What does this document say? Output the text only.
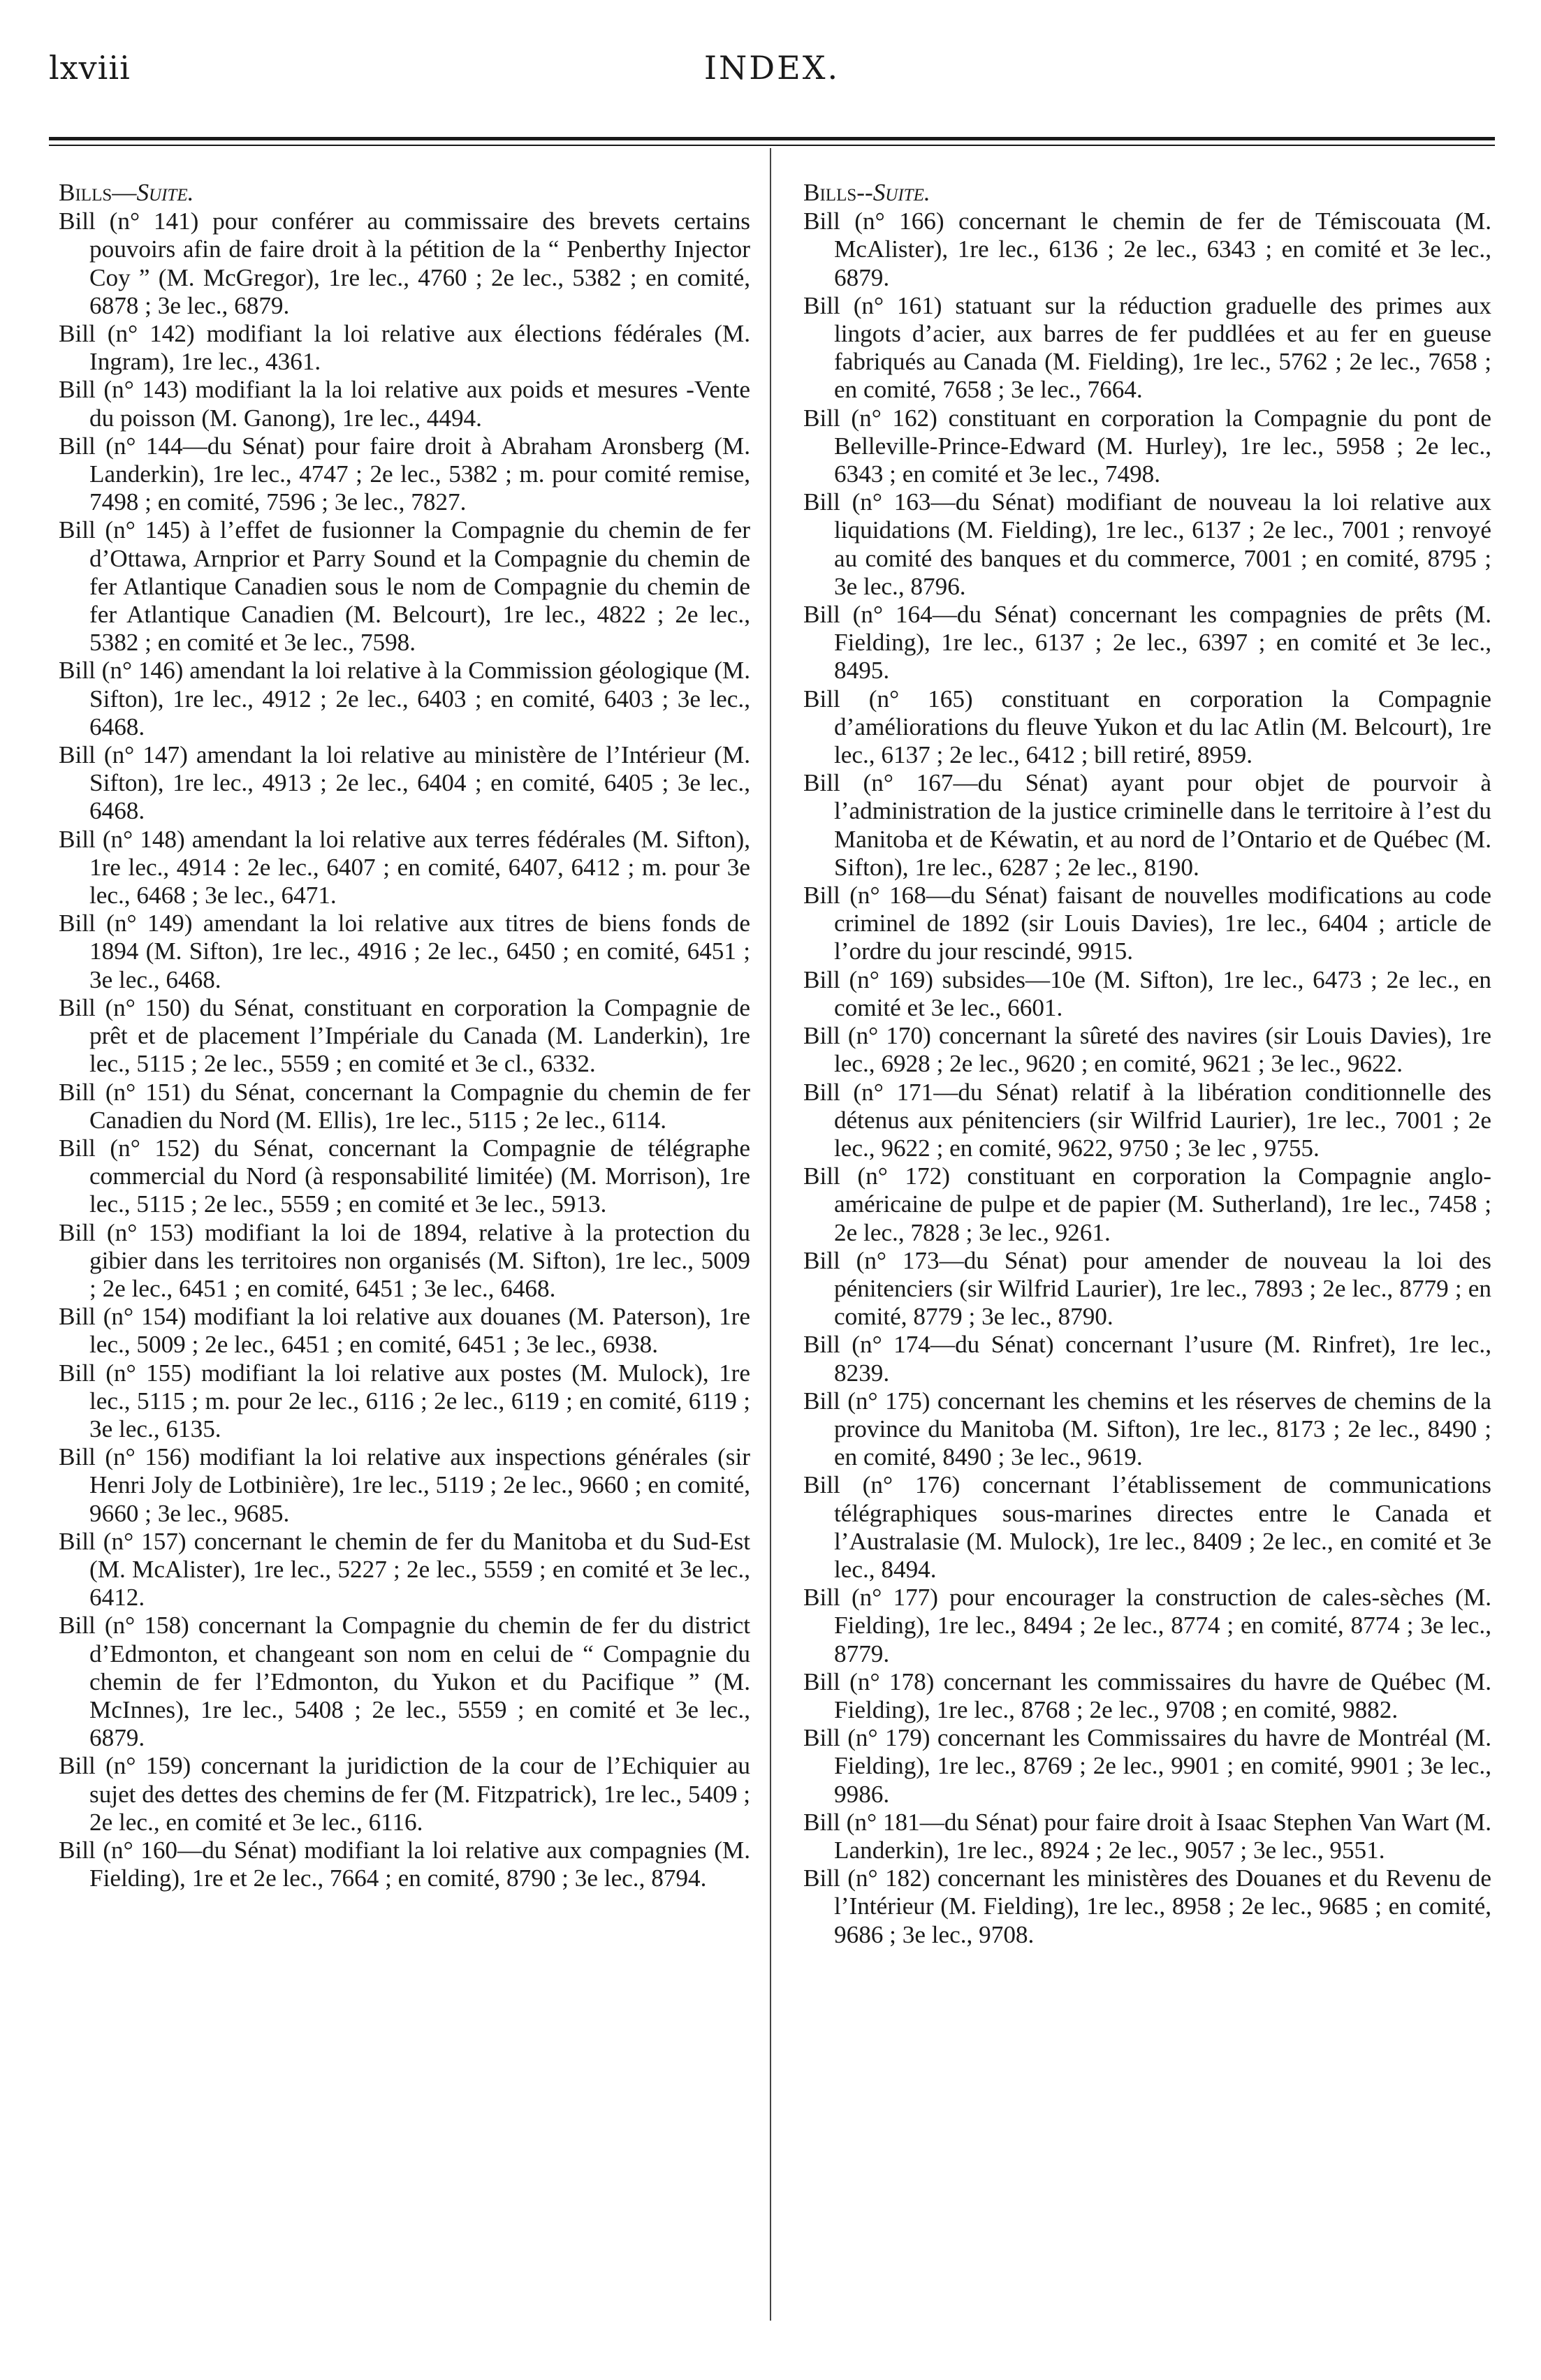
lxviii	INDEX.
Bills—Suite.

Bill (n° 141) pour conférer au commissaire des brevets certains pouvoirs afin de faire droit à la pétition de la “ Penberthy Injector Coy ” (M. McGregor), 1re lec., 4760 ; 2e lec., 5382 ; en comité, 6878 ; 3e lec., 6879.

Bill (n° 142) modifiant la loi relative aux élections fédérales (M. Ingram), 1re lec., 4361.

Bill (n° 143) modifiant la la loi relative aux poids et mesures -Vente du poisson (M. Ganong), 1re lec., 4494.

Bill (n° 144—du Sénat) pour faire droit à Abraham Aronsberg (M. Landerkin), 1re lec., 4747 ; 2e lec., 5382 ; m. pour comité remise, 7498 ; en comité, 7596 ; 3e lec., 7827.

Bill (n° 145) à l’effet de fusionner la Compagnie du chemin de fer d’Ottawa, Arnprior et Parry Sound et la Compagnie du chemin de fer Atlantique Canadien sous le nom de Compagnie du chemin de fer Atlantique Canadien (M. Belcourt), 1re lec., 4822 ; 2e lec., 5382 ; en comité et 3e lec., 7598.

Bill (n° 146) amendant la loi relative à la Commission géologique (M. Sifton), 1re lec., 4912 ; 2e lec., 6403 ; en comité, 6403 ; 3e lec., 6468.

Bill (n° 147) amendant la loi relative au ministère de l’Intérieur (M. Sifton), 1re lec., 4913 ; 2e lec., 6404 ; en comité, 6405 ; 3e lec., 6468.

Bill (n° 148) amendant la loi relative aux terres fédérales (M. Sifton), 1re lec., 4914 : 2e lec., 6407 ; en comité, 6407, 6412 ; m. pour 3e lec., 6468 ; 3e lec., 6471.

Bill (n° 149) amendant la loi relative aux titres de biens fonds de 1894 (M. Sifton), 1re lec., 4916 ; 2e lec., 6450 ; en comité, 6451 ; 3e lec., 6468.

Bill (n° 150) du Sénat, constituant en corporation la Compagnie de prêt et de placement l’Impériale du Canada (M. Landerkin), 1re lec., 5115 ; 2e lec., 5559 ; en comité et 3e cl., 6332.

Bill (n° 151) du Sénat, concernant la Compagnie du chemin de fer Canadien du Nord (M. Ellis), 1re lec., 5115 ; 2e lec., 6114.

Bill (n° 152) du Sénat, concernant la Compagnie de télégraphe commercial du Nord (à responsabilité limitée) (M. Morrison), 1re lec., 5115 ; 2e lec., 5559 ; en comité et 3e lec., 5913.

Bill (n° 153) modifiant la loi de 1894, relative à la protection du gibier dans les territoires non organisés (M. Sifton), 1re lec., 5009 ; 2e lec., 6451 ; en comité, 6451 ; 3e lec., 6468.

Bill (n° 154) modifiant la loi relative aux douanes (M. Paterson), 1re lec., 5009 ; 2e lec., 6451 ; en comité, 6451 ; 3e lec., 6938.

Bill (n° 155) modifiant la loi relative aux postes (M. Mulock), 1re lec., 5115 ; m. pour 2e lec., 6116 ; 2e lec., 6119 ; en comité, 6119 ; 3e lec., 6135.

Bill (n° 156) modifiant la loi relative aux inspections générales (sir Henri Joly de Lotbinière), 1re lec., 5119 ; 2e lec., 9660 ; en comité, 9660 ; 3e lec., 9685.

Bill (n° 157) concernant le chemin de fer du Manitoba et du Sud-Est (M. McAlister), 1re lec., 5227 ; 2e lec., 5559 ; en comité et 3e lec., 6412.

Bill (n° 158) concernant la Compagnie du chemin de fer du district d’Edmonton, et changeant son nom en celui de “ Compagnie du chemin de fer l’Edmonton, du Yukon et du Pacifique ” (M. McInnes), 1re lec., 5408 ; 2e lec., 5559 ; en comité et 3e lec., 6879.

Bill (n° 159) concernant la juridiction de la cour de l’Echiquier au sujet des dettes des chemins de fer (M. Fitzpatrick), 1re lec., 5409 ; 2e lec., en comité et 3e lec., 6116.

Bill (n° 160—du Sénat) modifiant la loi relative aux compagnies (M. Fielding), 1re et 2e lec., 7664 ; en comité, 8790 ; 3e lec., 8794.

Bills--Suite.

Bill (n° 166) concernant le chemin de fer de Témiscouata (M. McAlister), 1re lec., 6136 ; 2e lec., 6343 ; en comité et 3e lec., 6879.

Bill (n° 161) statuant sur la réduction graduelle des primes aux lingots d’acier, aux barres de fer puddlées et au fer en gueuse fabriqués au Canada (M. Fielding), 1re lec., 5762 ; 2e lec., 7658 ; en comité, 7658 ; 3e lec., 7664.

Bill (n° 162) constituant en corporation la Compagnie du pont de Belleville-Prince-Edward (M. Hurley), 1re lec., 5958 ; 2e lec., 6343 ; en comité et 3e lec., 7498.

Bill (n° 163—du Sénat) modifiant de nouveau la loi relative aux liquidations (M. Fielding), 1re lec., 6137 ; 2e lec., 7001 ; renvoyé au comité des banques et du commerce, 7001 ; en comité, 8795 ; 3e lec., 8796.

Bill (n° 164—du Sénat) concernant les compagnies de prêts (M. Fielding), 1re lec., 6137 ; 2e lec., 6397 ; en comité et 3e lec., 8495.

Bill (n° 165) constituant en corporation la Compagnie d’améliorations du fleuve Yukon et du lac Atlin (M. Belcourt), 1re lec., 6137 ; 2e lec., 6412 ; bill retiré, 8959.

Bill (n° 167—du Sénat) ayant pour objet de pourvoir à l’administration de la justice criminelle dans le territoire à l’est du Manitoba et de Kéwatin, et au nord de l’Ontario et de Québec (M. Sifton), 1re lec., 6287 ; 2e lec., 8190.

Bill (n° 168—du Sénat) faisant de nouvelles modifications au code criminel de 1892 (sir Louis Davies), 1re lec., 6404 ; article de l’ordre du jour rescindé, 9915.

Bill (n° 169) subsides—10e (M. Sifton), 1re lec., 6473 ; 2e lec., en comité et 3e lec., 6601.

Bill (n° 170) concernant la sûreté des navires (sir Louis Davies), 1re lec., 6928 ; 2e lec., 9620 ; en comité, 9621 ; 3e lec., 9622.

Bill (n° 171—du Sénat) relatif à la libération conditionnelle des détenus aux pénitenciers (sir Wilfrid Laurier), 1re lec., 7001 ; 2e lec., 9622 ; en comité, 9622, 9750 ; 3e lec , 9755.

Bill (n° 172) constituant en corporation la Compagnie anglo-américaine de pulpe et de papier (M. Sutherland), 1re lec., 7458 ; 2e lec., 7828 ; 3e lec., 9261.

Bill (n° 173—du Sénat) pour amender de nouveau la loi des pénitenciers (sir Wilfrid Laurier), 1re lec., 7893 ; 2e lec., 8779 ; en comité, 8779 ; 3e lec., 8790.

Bill (n° 174—du Sénat) concernant l’usure (M. Rinfret), 1re lec., 8239.

Bill (n° 175) concernant les chemins et les réserves de chemins de la province du Manitoba (M. Sifton), 1re lec., 8173 ; 2e lec., 8490 ; en comité, 8490 ; 3e lec., 9619.

Bill (n° 176) concernant l’établissement de communications télégraphiques sous-marines directes entre le Canada et l’Australasie (M. Mulock), 1re lec., 8409 ; 2e lec., en comité et 3e lec., 8494.

Bill (n° 177) pour encourager la construction de cales-sèches (M. Fielding), 1re lec., 8494 ; 2e lec., 8774 ; en comité, 8774 ; 3e lec., 8779.

Bill (n° 178) concernant les commissaires du havre de Québec (M. Fielding), 1re lec., 8768 ; 2e lec., 9708 ; en comité, 9882.

Bill (n° 179) concernant les Commissaires du havre de Montréal (M. Fielding), 1re lec., 8769 ; 2e lec., 9901 ; en comité, 9901 ; 3e lec., 9986.

Bill (n° 181—du Sénat) pour faire droit à Isaac Stephen Van Wart (M. Landerkin), 1re lec., 8924 ; 2e lec., 9057 ; 3e lec., 9551.

Bill (n° 182) concernant les ministères des Douanes et du Revenu de l’Intérieur (M. Fielding), 1re lec., 8958 ; 2e lec., 9685 ; en comité, 9686 ; 3e lec., 9708.
